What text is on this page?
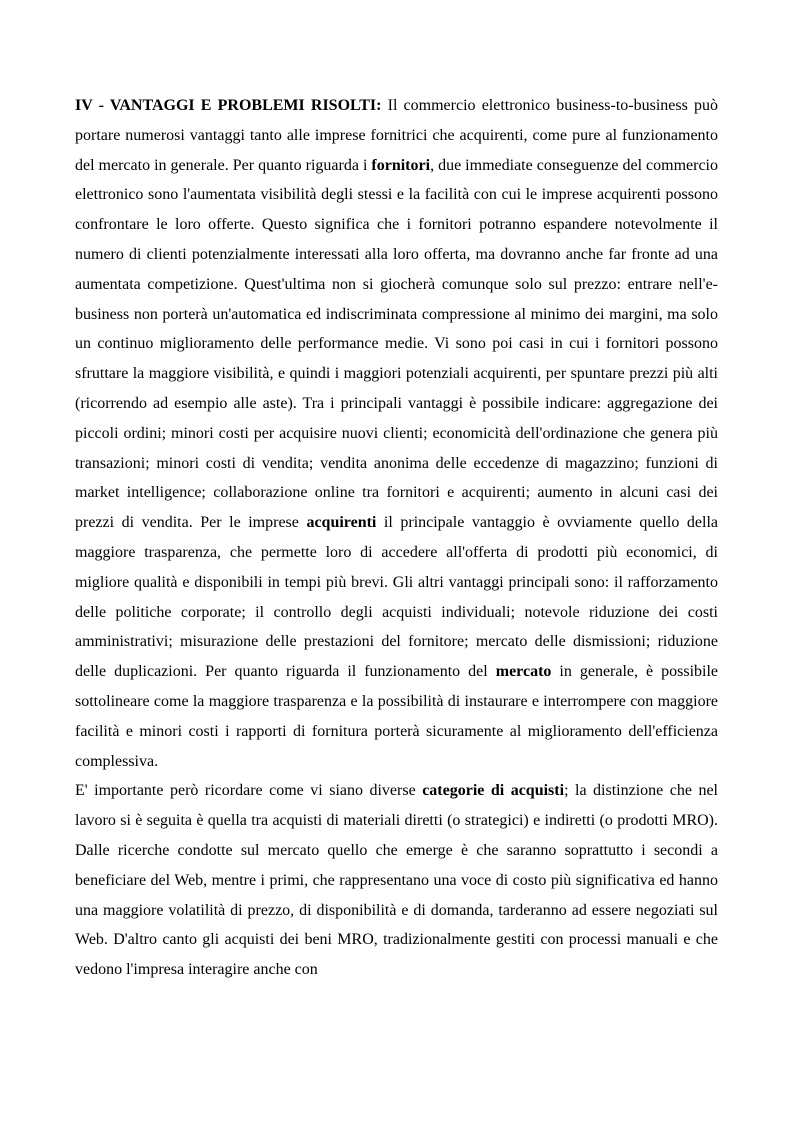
IV - VANTAGGI E PROBLEMI RISOLTI: Il commercio elettronico business-to-business può portare numerosi vantaggi tanto alle imprese fornitrici che acquirenti, come pure al funzionamento del mercato in generale. Per quanto riguarda i fornitori, due immediate conseguenze del commercio elettronico sono l'aumentata visibilità degli stessi e la facilità con cui le imprese acquirenti possono confrontare le loro offerte. Questo significa che i fornitori potranno espandere notevolmente il numero di clienti potenzialmente interessati alla loro offerta, ma dovranno anche far fronte ad una aumentata competizione. Quest'ultima non si giocherà comunque solo sul prezzo: entrare nell'e-business non porterà un'automatica ed indiscriminata compressione al minimo dei margini, ma solo un continuo miglioramento delle performance medie. Vi sono poi casi in cui i fornitori possono sfruttare la maggiore visibilità, e quindi i maggiori potenziali acquirenti, per spuntare prezzi più alti (ricorrendo ad esempio alle aste). Tra i principali vantaggi è possibile indicare: aggregazione dei piccoli ordini; minori costi per acquisire nuovi clienti; economicità dell'ordinazione che genera più transazioni; minori costi di vendita; vendita anonima delle eccedenze di magazzino; funzioni di market intelligence; collaborazione online tra fornitori e acquirenti; aumento in alcuni casi dei prezzi di vendita. Per le imprese acquirenti il principale vantaggio è ovviamente quello della maggiore trasparenza, che permette loro di accedere all'offerta di prodotti più economici, di migliore qualità e disponibili in tempi più brevi. Gli altri vantaggi principali sono: il rafforzamento delle politiche corporate; il controllo degli acquisti individuali; notevole riduzione dei costi amministrativi; misurazione delle prestazioni del fornitore; mercato delle dismissioni; riduzione delle duplicazioni. Per quanto riguarda il funzionamento del mercato in generale, è possibile sottolineare come la maggiore trasparenza e la possibilità di instaurare e interrompere con maggiore facilità e minori costi i rapporti di fornitura porterà sicuramente al miglioramento dell'efficienza complessiva.

E' importante però ricordare come vi siano diverse categorie di acquisti; la distinzione che nel lavoro si è seguita è quella tra acquisti di materiali diretti (o strategici) e indiretti (o prodotti MRO). Dalle ricerche condotte sul mercato quello che emerge è che saranno soprattutto i secondi a beneficiare del Web, mentre i primi, che rappresentano una voce di costo più significativa ed hanno una maggiore volatilità di prezzo, di disponibilità e di domanda, tarderanno ad essere negoziati sul Web. D'altro canto gli acquisti dei beni MRO, tradizionalmente gestiti con processi manuali e che vedono l'impresa interagire anche con
